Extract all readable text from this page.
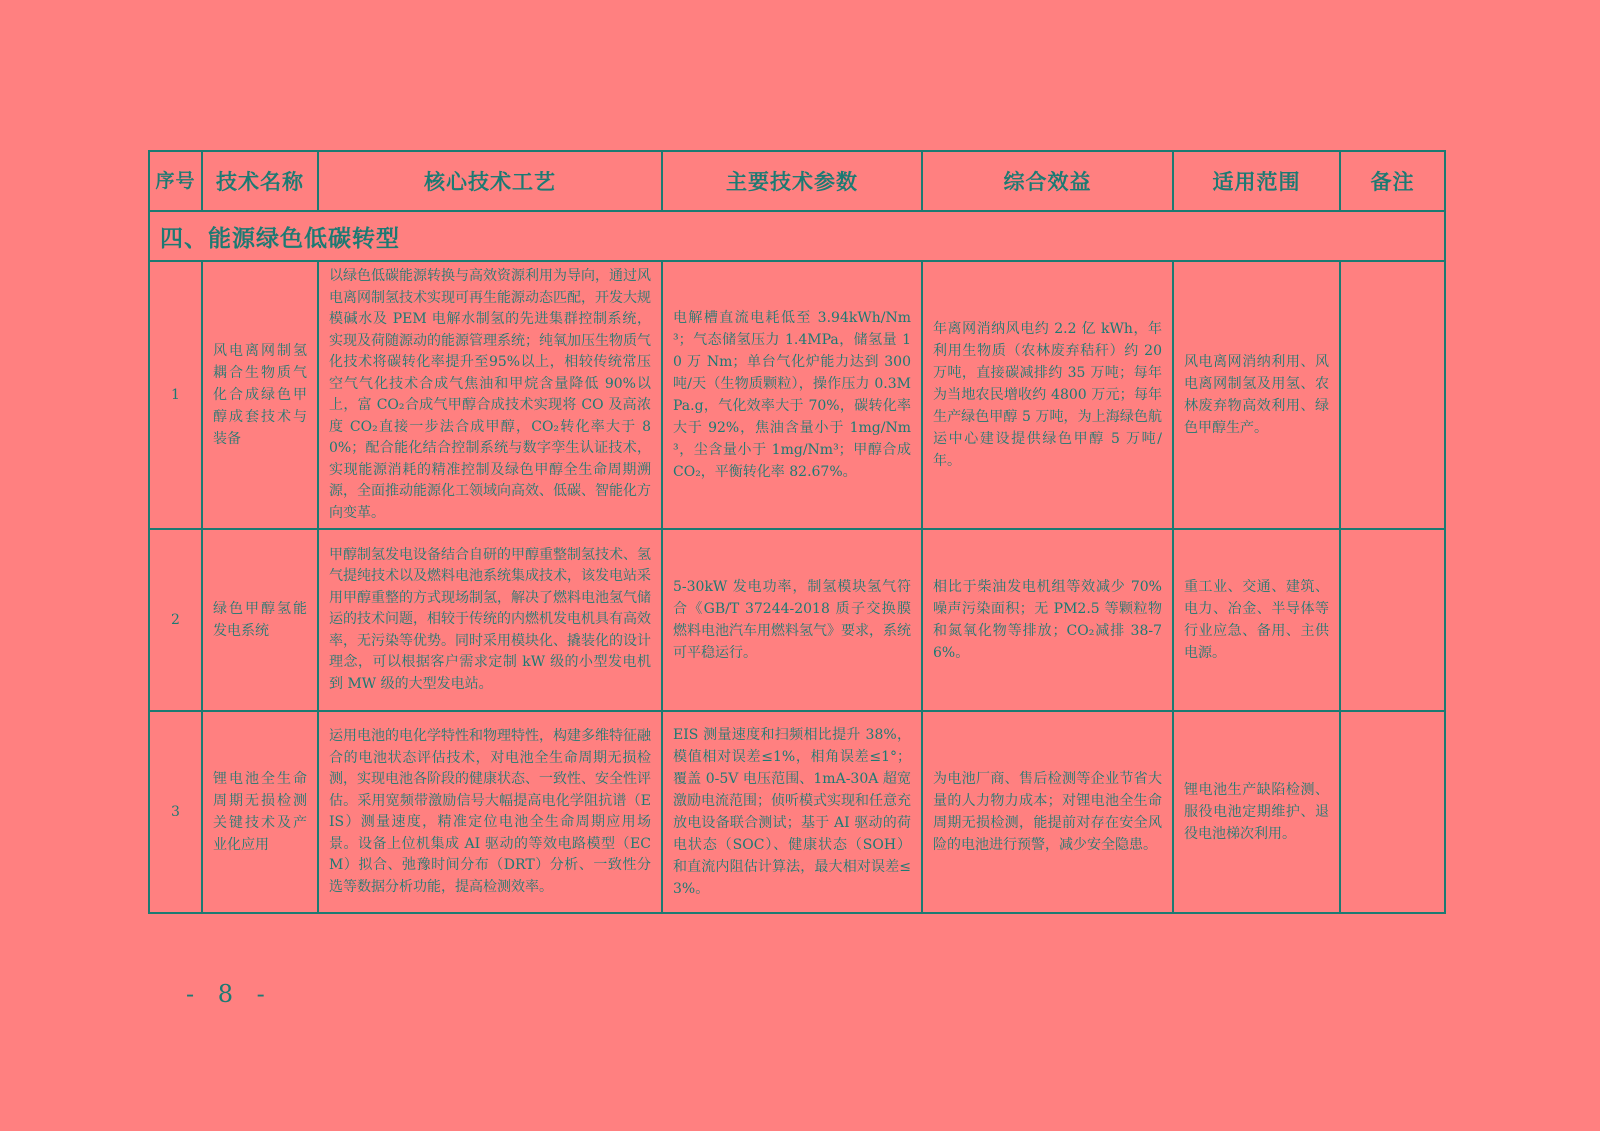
序号	技术名称	核心技术工艺	主要技术参数	综合效益	适用范围	备注
四、能源绿色低碳转型						
1	风电离网制氢耦合生物质气化合成绿色甲醇成套技术与装备	以绿色低碳能源转换与高效资源利用为导向，通过风电离网制氢技术实现可再生能源动态匹配，开发大规模碱水及 PEM 电解水制氢的先进集群控制系统，实现及荷随源动的能源管理系统；纯氧加压生物质气化技术将碳转化率提升至95%以上，相较传统常压空气气化技术合成气焦油和甲烷含量降低 90%以上，富 CO₂合成气甲醇合成技术实现将 CO 及高浓度 CO₂直接一步法合成甲醇，CO₂转化率大于 80%；配合能化结合控制系统与数字孪生认证技术，实现能源消耗的精准控制及绿色甲醇全生命周期溯源，全面推动能源化工领域向高效、低碳、智能化方向变革。	电解槽直流电耗低至 3.94kWh/Nm³；气态储氢压力 1.4MPa，储氢量 10 万 Nm；单台气化炉能力达到 300 吨/天（生物质颗粒），操作压力 0.3MPa.g，气化效率大于 70%，碳转化率大于 92%，焦油含量小于 1mg/Nm³，尘含量小于 1mg/Nm³；甲醇合成CO₂，平衡转化率 82.67%。	年离网消纳风电约 2.2 亿 kWh，年利用生物质（农林废弃秸秆）约 20 万吨，直接碳减排约 35 万吨；每年为当地农民增收约 4800 万元；每年生产绿色甲醇 5 万吨，为上海绿色航运中心建设提供绿色甲醇 5 万吨/年。	风电离网消纳利用、风电离网制氢及用氢、农林废弃物高效利用、绿色甲醇生产。	
2	绿色甲醇氢能发电系统	甲醇制氢发电设备结合自研的甲醇重整制氢技术、氢气提纯技术以及燃料电池系统集成技术，该发电站采用甲醇重整的方式现场制氢，解决了燃料电池氢气储运的技术问题，相较于传统的内燃机发电机具有高效率，无污染等优势。同时采用模块化、撬装化的设计理念，可以根据客户需求定制 kW 级的小型发电机到 MW 级的大型发电站。	5-30kW 发电功率，制氢模块氢气符合《GB/T 37244-2018 质子交换膜燃料电池汽车用燃料氢气》要求，系统可平稳运行。	相比于柴油发电机组等效减少 70%噪声污染面积；无 PM2.5 等颗粒物和氮氧化物等排放；CO₂减排 38-76%。	重工业、交通、建筑、电力、冶金、半导体等行业应急、备用、主供电源。	
3	锂电池全生命周期无损检测关键技术及产业化应用	运用电池的电化学特性和物理特性，构建多维特征融合的电池状态评估技术，对电池全生命周期无损检测，实现电池各阶段的健康状态、一致性、安全性评估。采用宽频带激励信号大幅提高电化学阻抗谱（EIS）测量速度，精准定位电池全生命周期应用场景。设备上位机集成 AI 驱动的等效电路模型（ECM）拟合、弛豫时间分布（DRT）分析、一致性分选等数据分析功能，提高检测效率。	EIS 测量速度和扫频相比提升 38%，模值相对误差≤1%，相角误差≤1°；覆盖 0-5V 电压范围、1mA-30A 超宽激励电流范围；侦听模式实现和任意充放电设备联合测试；基于 AI 驱动的荷电状态（SOC）、健康状态（SOH）和直流内阻估计算法，最大相对误差≤3%。	为电池厂商、售后检测等企业节省大量的人力物力成本；对锂电池全生命周期无损检测，能提前对存在安全风险的电池进行预警，减少安全隐患。	锂电池生产缺陷检测、服役电池定期维护、退役电池梯次利用。	
- 8 -
